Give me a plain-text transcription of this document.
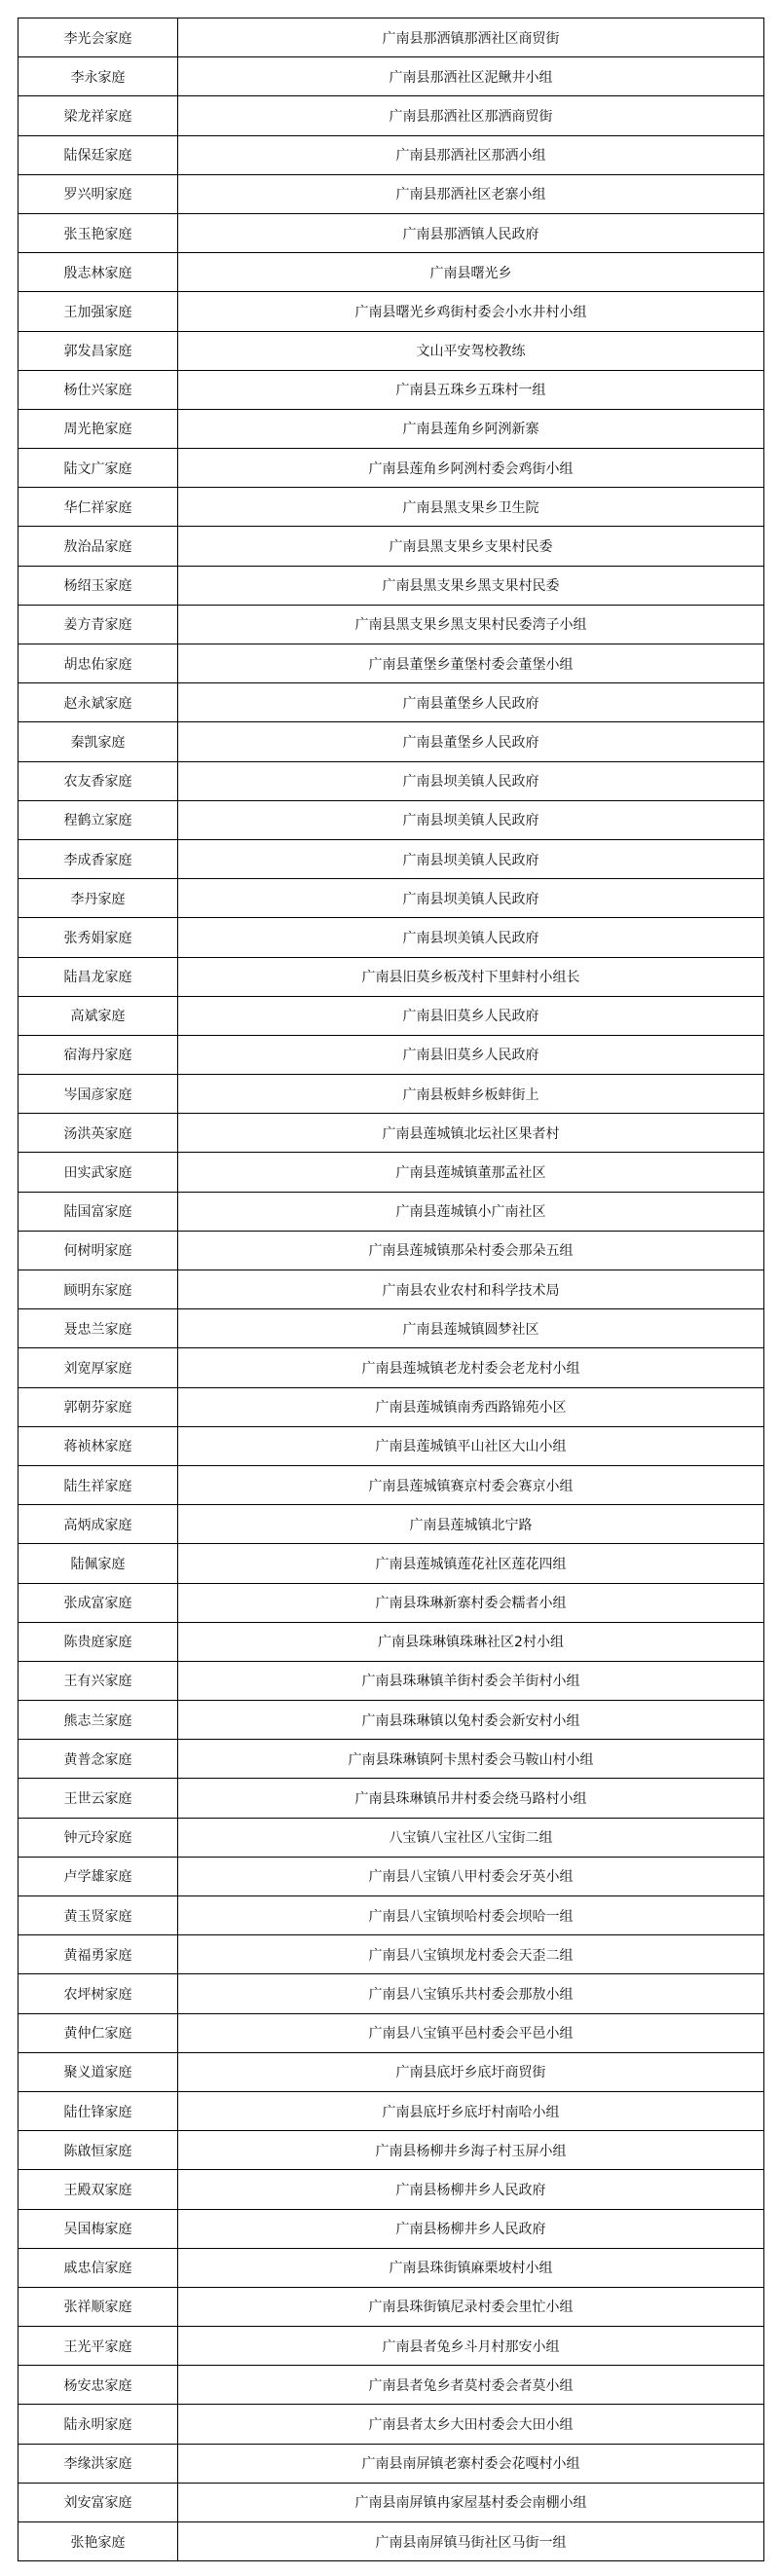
李光会家庭	广南县那洒镇那洒社区商贸街
李永家庭	广南县那洒社区泥鳅井小组
梁龙祥家庭	广南县那洒社区那洒商贸街
陆保廷家庭	广南县那洒社区那洒小组
罗兴明家庭	广南县那洒社区老寨小组
张玉艳家庭	广南县那洒镇人民政府
殷志林家庭	广南县曙光乡
王加强家庭	广南县曙光乡鸡街村委会小水井村小组
郭发昌家庭	文山平安驾校教练
杨仕兴家庭	广南县五珠乡五珠村一组
周光艳家庭	广南县莲角乡阿洌新寨
陆文广家庭	广南县莲角乡阿洌村委会鸡街小组
华仁祥家庭	广南县黑支果乡卫生院
敖治品家庭	广南县黑支果乡支果村民委
杨绍玉家庭	广南县黑支果乡黑支果村民委
姜方青家庭	广南县黑支果乡黑支果村民委湾子小组
胡忠佑家庭	广南县董堡乡董堡村委会董堡小组
赵永斌家庭	广南县董堡乡人民政府
秦凯家庭	广南县董堡乡人民政府
农友香家庭	广南县坝美镇人民政府
程鹤立家庭	广南县坝美镇人民政府
李成香家庭	广南县坝美镇人民政府
李丹家庭	广南县坝美镇人民政府
张秀娟家庭	广南县坝美镇人民政府
陆昌龙家庭	广南县旧莫乡板茂村下里蚌村小组长
高斌家庭	广南县旧莫乡人民政府
宿海丹家庭	广南县旧莫乡人民政府
岑国彦家庭	广南县板蚌乡板蚌街上
汤洪英家庭	广南县莲城镇北坛社区果者村
田实武家庭	广南县莲城镇董那孟社区
陆国富家庭	广南县莲城镇小广南社区
何树明家庭	广南县莲城镇那朵村委会那朵五组
顾明东家庭	广南县农业农村和科学技术局
聂忠兰家庭	广南县莲城镇圆梦社区
刘宽厚家庭	广南县莲城镇老龙村委会老龙村小组
郭朝芬家庭	广南县莲城镇南秀西路锦苑小区
蒋祯林家庭	广南县莲城镇平山社区大山小组
陆生祥家庭	广南县莲城镇赛京村委会赛京小组
高炳成家庭	广南县莲城镇北宁路
陆佩家庭	广南县莲城镇莲花社区莲花四组
张成富家庭	广南县珠琳新寨村委会糯者小组
陈贵庭家庭	广南县珠琳镇珠琳社区2村小组
王有兴家庭	广南县珠琳镇羊街村委会羊街村小组
熊志兰家庭	广南县珠琳镇以兔村委会新安村小组
黄普念家庭	广南县珠琳镇阿卡黑村委会马鞍山村小组
王世云家庭	广南县珠琳镇吊井村委会绕马路村小组
钟元玲家庭	八宝镇八宝社区八宝街二组
卢学雄家庭	广南县八宝镇八甲村委会牙英小组
黄玉贤家庭	广南县八宝镇坝哈村委会坝哈一组
黄福勇家庭	广南县八宝镇坝龙村委会天歪二组
农坪树家庭	广南县八宝镇乐共村委会那敖小组
黄仲仁家庭	广南县八宝镇平邑村委会平邑小组
聚义道家庭	广南县底圩乡底圩商贸街
陆仕锋家庭	广南县底圩乡底圩村南哈小组
陈啟恒家庭	广南县杨柳井乡海子村玉屏小组
王殿双家庭	广南县杨柳井乡人民政府
吴国梅家庭	广南县杨柳井乡人民政府
戚忠信家庭	广南县珠街镇麻栗坡村小组
张祥顺家庭	广南县珠街镇尼录村委会里忙小组
王光平家庭	广南县者兔乡斗月村那安小组
杨安忠家庭	广南县者兔乡者莫村委会者莫小组
陆永明家庭	广南县者太乡大田村委会大田小组
李缘洪家庭	广南县南屏镇老寨村委会花嘎村小组
刘安富家庭	广南县南屏镇冉家屋基村委会南棚小组
张艳家庭	广南县南屏镇马街社区马街一组
